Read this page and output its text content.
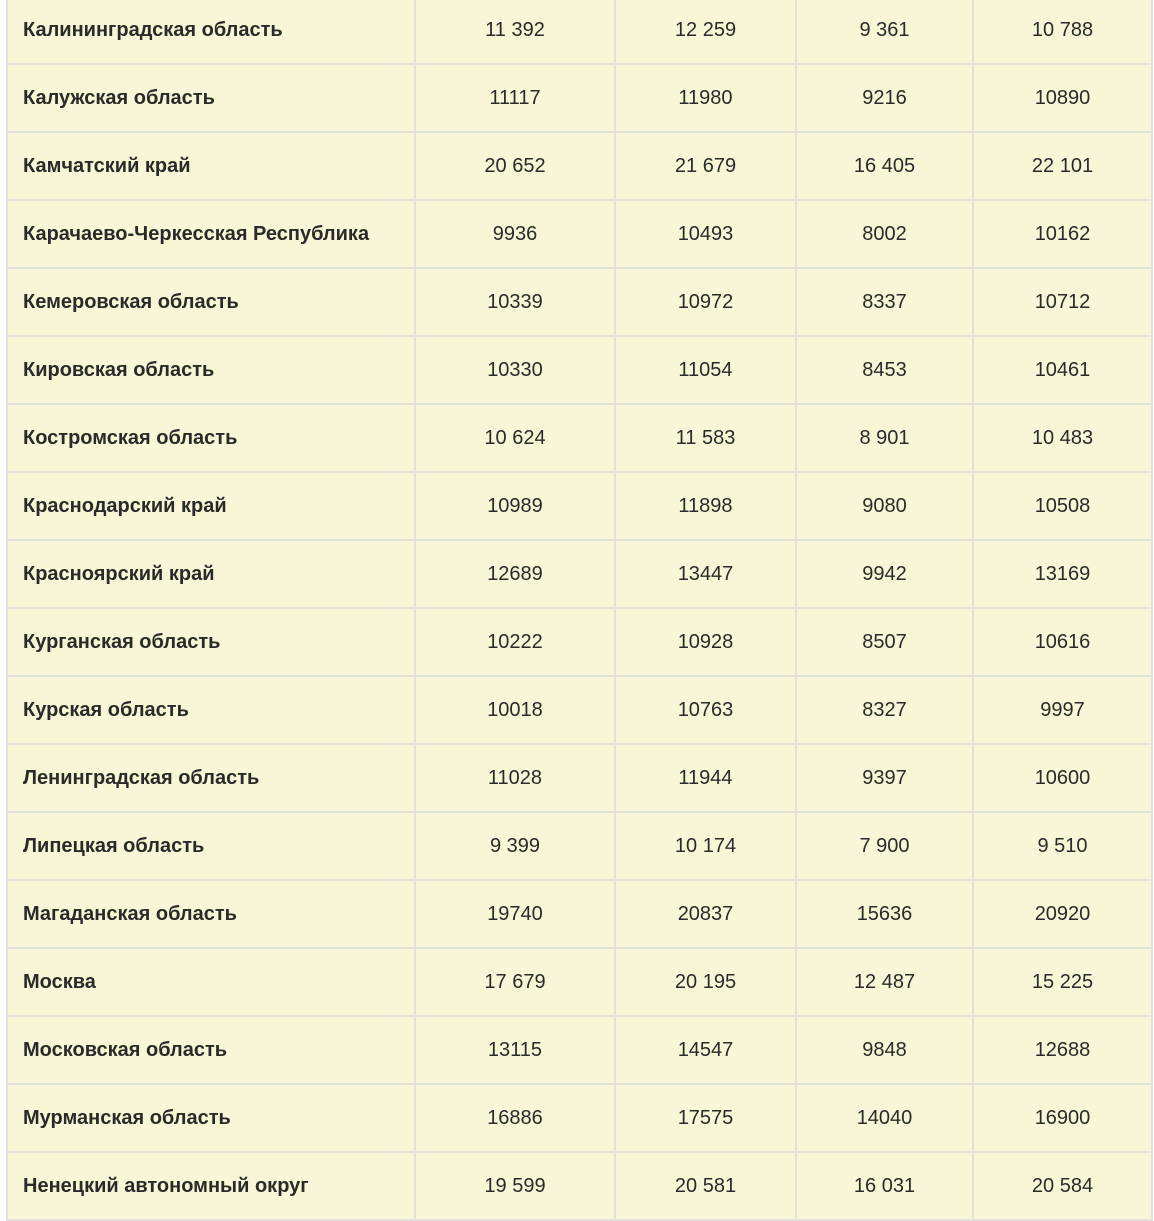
Калининградская область	11 392	12 259	9 361	10 788
Калужская область	11117	11980	9216	10890
Камчатский край	20 652	21 679	16 405	22 101
Карачаево-Черкесская Республика	9936	10493	8002	10162
Кемеровская область	10339	10972	8337	10712
Кировская область	10330	11054	8453	10461
Костромская область	10 624	11 583	8 901	10 483
Краснодарский край	10989	11898	9080	10508
Красноярский край	12689	13447	9942	13169
Курганская область	10222	10928	8507	10616
Курская область	10018	10763	8327	9997
Ленинградская область	11028	11944	9397	10600
Липецкая область	9 399	10 174	7 900	9 510
Магаданская область	19740	20837	15636	20920
Москва	17 679	20 195	12 487	15 225
Московская область	13115	14547	9848	12688
Мурманская область	16886	17575	14040	16900
Ненецкий автономный округ	19 599	20 581	16 031	20 584
